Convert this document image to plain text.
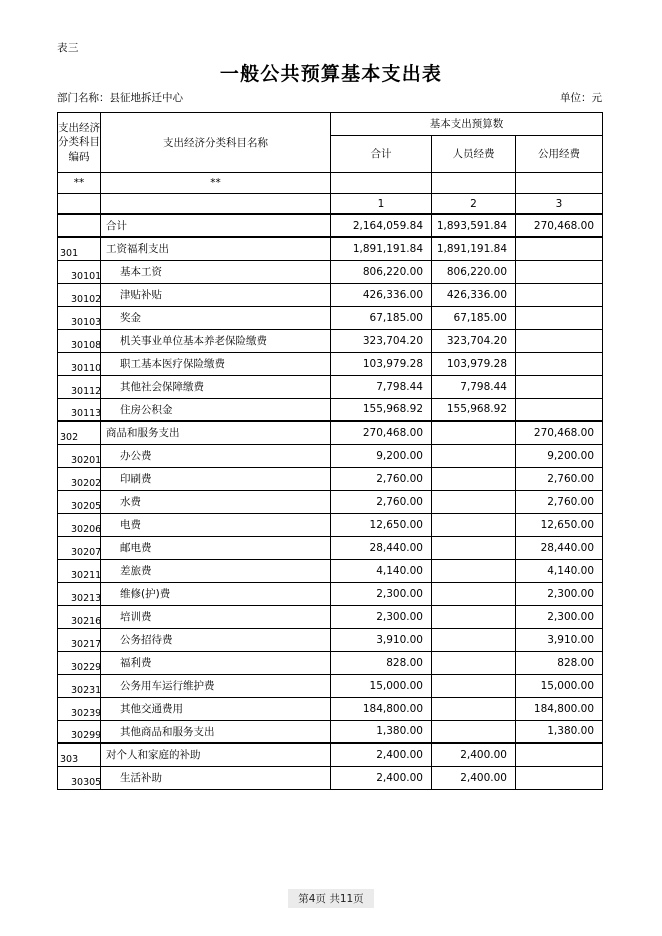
表三
一般公共预算基本支出表
部门名称：县征地拆迁中心	单位：元
支出经济分类科目编码	支出经济分类科目名称	基本支出预算数		
		合计	人员经费	公用经费
**	**			
		1	2	3
	合计	2,164,059.84	1,893,591.84	270,468.00
301	工资福利支出	1,891,191.84	1,891,191.84	
30101	基本工资	806,220.00	806,220.00	
30102	津贴补贴	426,336.00	426,336.00	
30103	奖金	67,185.00	67,185.00	
30108	机关事业单位基本养老保险缴费	323,704.20	323,704.20	
30110	职工基本医疗保险缴费	103,979.28	103,979.28	
30112	其他社会保障缴费	7,798.44	7,798.44	
30113	住房公积金	155,968.92	155,968.92	
302	商品和服务支出	270,468.00		270,468.00
30201	办公费	9,200.00		9,200.00
30202	印刷费	2,760.00		2,760.00
30205	水费	2,760.00		2,760.00
30206	电费	12,650.00		12,650.00
30207	邮电费	28,440.00		28,440.00
30211	差旅费	4,140.00		4,140.00
30213	维修(护)费	2,300.00		2,300.00
30216	培训费	2,300.00		2,300.00
30217	公务招待费	3,910.00		3,910.00
30229	福利费	828.00		828.00
30231	公务用车运行维护费	15,000.00		15,000.00
30239	其他交通费用	184,800.00		184,800.00
30299	其他商品和服务支出	1,380.00		1,380.00
303	对个人和家庭的补助	2,400.00	2,400.00	
30305	生活补助	2,400.00	2,400.00	
第4页 共11页
